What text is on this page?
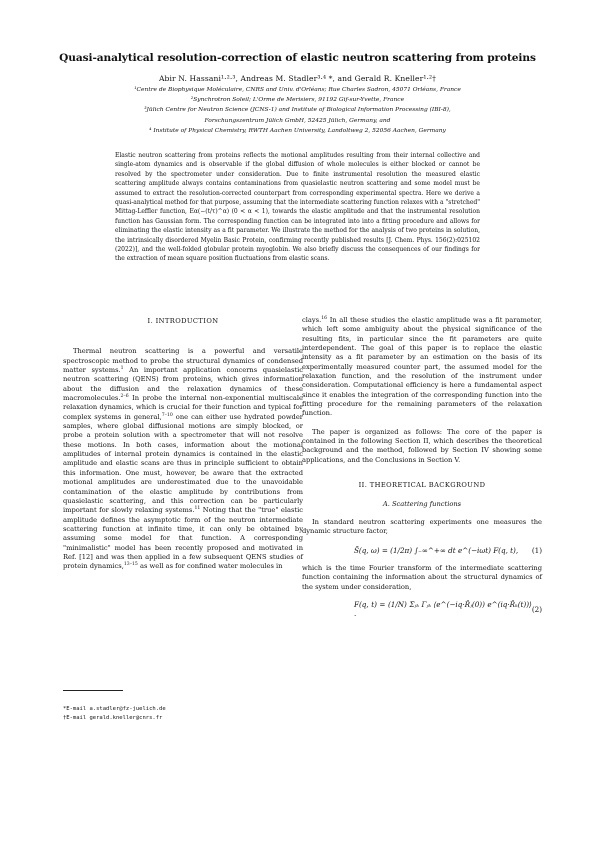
Quasi-analytical resolution-correction of elastic neutron scattering from proteins
Abir N. Hassani¹·²·³, Andreas M. Stadler³·⁴ *, and Gerald R. Kneller¹·²†
¹Centre de Biophysique Moléculaire, CNRS and Univ. d'Orléans; Rue Charles Sadron, 45071 Orléans, France
²Synchrotron Soleil; L'Orme de Merisiers, 91192 Gif-sur-Yvette, France
³Jülich Centre for Neutron Science (JCNS-1) and Institute of Biological Information Processing (IBI-8),
Forschungszentrum Jülich GmbH, 52425 Jülich, Germany, and
⁴ Institute of Physical Chemistry, RWTH Aachen University, Landoltweg 2, 52056 Aachen, Germany
Elastic neutron scattering from proteins reflects the motional amplitudes resulting from their internal collective and single-atom dynamics and is observable if the global diffusion of whole molecules is either blocked or cannot be resolved by the spectrometer under consideration. Due to finite instrumental resolution the measured elastic scattering amplitude always contains contaminations from quasielastic neutron scattering and some model must be assumed to extract the resolution-corrected counterpart from corresponding experimental spectra. Here we derive a quasi-analytical method for that purpose, assuming that the intermediate scattering function relaxes with a "stretched" Mittag-Leffler function, Eα(−(t/τ)^α) (0 < α < 1), towards the elastic amplitude and that the instrumental resolution function has Gaussian form. The corresponding function can be integrated into into a fitting procedure and allows for eliminating the elastic intensity as a fit parameter. We illustrate the method for the analysis of two proteins in solution, the intrinsically disordered Myelin Basic Protein, confirming recently published results [J. Chem. Phys. 156(2):025102 (2022)], and the well-folded globular protein myoglobin. We also briefly discuss the consequences of our findings for the extraction of mean square position fluctuations from elastic scans.
I. INTRODUCTION

Thermal neutron scattering is a powerful and versatile spectroscopic method to probe the structural dynamics of condensed matter systems.$^1$ An important application concerns quasielastic neutron scattering (QENS) from proteins, which gives information about the diffusion and the relaxation dynamics of these macromolecules.$^{2-6}$ In probe the internal non-exponential multiscale relaxation dynamics, which is crucial for their function and typical for complex systems in general,$^{7-10}$ one can either use hydrated powder samples, where global diffusional motions are simply blocked, or probe a protein solution with a spectrometer that will not resolve these motions. In both cases, information about the motional amplitudes of internal protein dynamics is contained in the elastic amplitude and elastic scans are thus in principle sufficient to obtain this information. One must, however, be aware that the extracted motional amplitudes are underestimated due to the unavoidable contamination of the elastic amplitude by contributions from quasielastic scattering, and this correction can be particularly important for slowly relaxing systems.$^{11}$ Noting that the "true" elastic amplitude defines the asymptotic form of the neutron intermediate scattering function at infinite time, it can only be obtained by assuming some model for that function. A corresponding "minimalistic" model has been recently proposed and motivated in Ref. [12] and was then applied in a few subsequent QENS studies of protein dynamics,$^{13-15}$ as well as for confined water molecules in

clays.$^{16}$ In all these studies the elastic amplitude was a fit parameter, which left some ambiguity about the physical significance of the resulting fits, in particular since the fit parameters are quite interdependent. The goal of this paper is to replace the elastic intensity as a fit parameter by an estimation on the basis of its experimentally measured counter part, the assumed model for the relaxation function, and the resolution of the instrument under consideration. Computational efficiency is here a fundamental aspect since it enables the integration of the corresponding function into the fitting procedure for the remaining parameters of the relaxation function.

The paper is organized as follows: The core of the paper is contained in the following Section II, which describes the theoretical background and the method, followed by Section IV showing some applications, and the Conclusions in Section V.

II. THEORETICAL BACKGROUND
A. Scattering functions

In standard neutron scattering experiments one measures the dynamic structure factor,

S̃(q, ω) = (1/2π) ∫₋∞^+∞ dt e^(−iωt) F(q, t), (1)

which is the time Fourier transform of the intermediate scattering function containing the information about the structural dynamics of the system under consideration,

F(q, t) = (1/N) Σⱼₖ Γⱼₖ ⟨e^(−iq·R̂ⱼ(0)) e^(iq·R̂ₖ(t))⟩ .
(2)
*E-mail a.stadler@fz-juelich.de
†E-mail gerald.kneller@cnrs.fr
